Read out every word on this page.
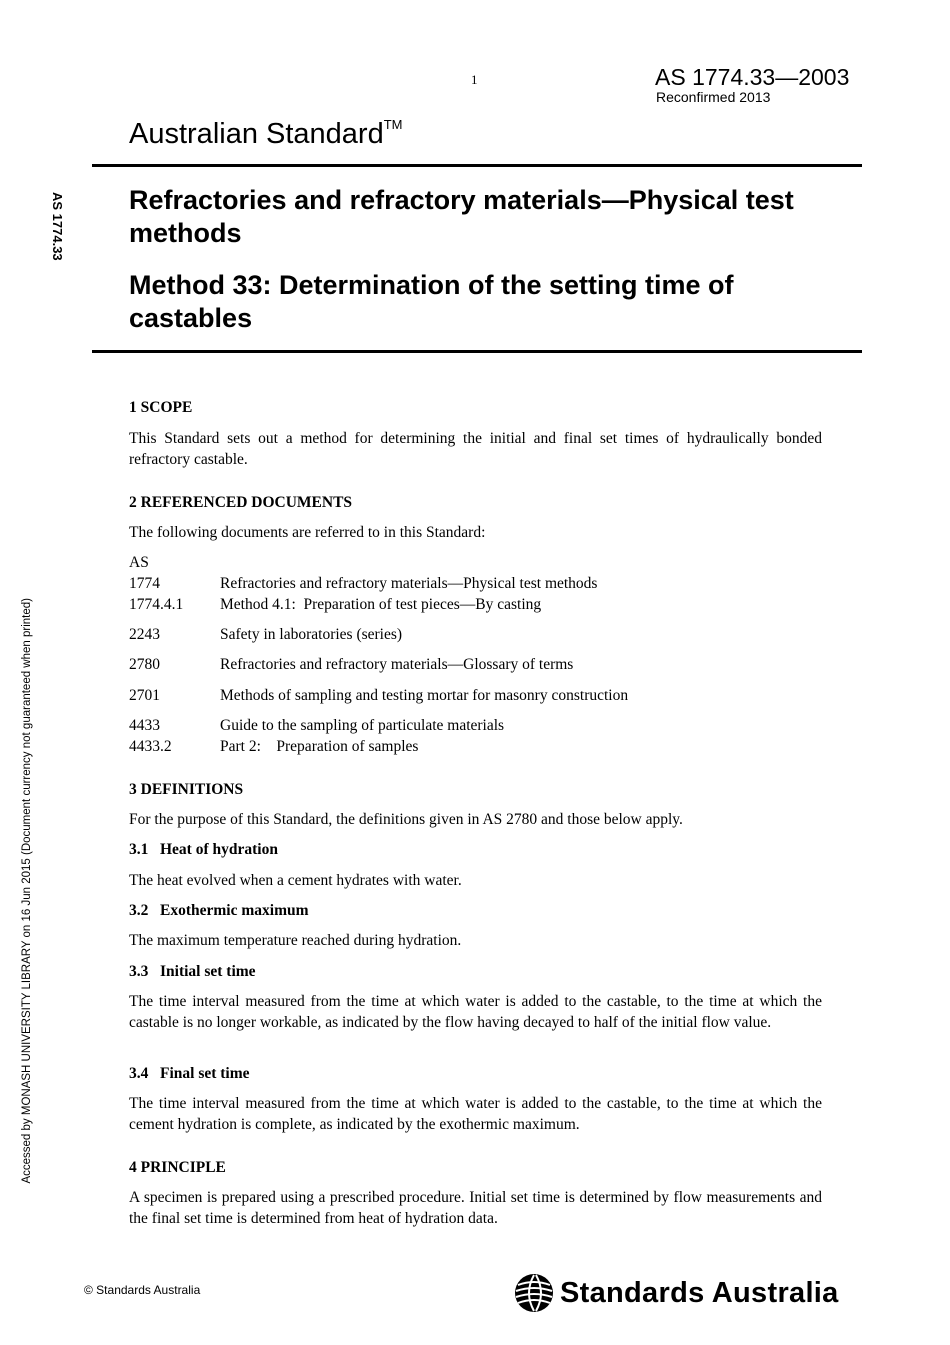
1	AS 1774.33—2003
Reconfirmed 2013
Australian Standard™
Refractories and refractory materials—Physical test methods
Method 33: Determination of the setting time of castables
AS 1774.33
Accessed by MONASH UNIVERSITY LIBRARY on 16 Jun 2015 (Document currency not guaranteed when printed)
1 SCOPE
This Standard sets out a method for determining the initial and final set times of hydraulically bonded refractory castable.
2 REFERENCED DOCUMENTS
The following documents are referred to in this Standard:
AS
1774	Refractories and refractory materials—Physical test methods
1774.4.1 Method 4.1:  Preparation of test pieces—By casting
2243	Safety in laboratories (series)
2780	Refractories and refractory materials—Glossary of terms
2701	Methods of sampling and testing mortar for masonry construction
4433	Guide to the sampling of particulate materials
4433.2	Part 2:    Preparation of samples
3 DEFINITIONS
For the purpose of this Standard, the definitions given in AS 2780 and those below apply.
3.1   Heat of hydration
The heat evolved when a cement hydrates with water.
3.2   Exothermic maximum
The maximum temperature reached during hydration.
3.3   Initial set time
The time interval measured from the time at which water is added to the castable, to the time at which the castable is no longer workable, as indicated by the flow having decayed to half of the initial flow value.
3.4   Final set time
The time interval measured from the time at which water is added to the castable, to the time at which the cement hydration is complete, as indicated by the exothermic maximum.
4 PRINCIPLE
A specimen is prepared using a prescribed procedure. Initial set time is determined by flow measurements and the final set time is determined from heat of hydration data.
© Standards Australia	Standards Australia
